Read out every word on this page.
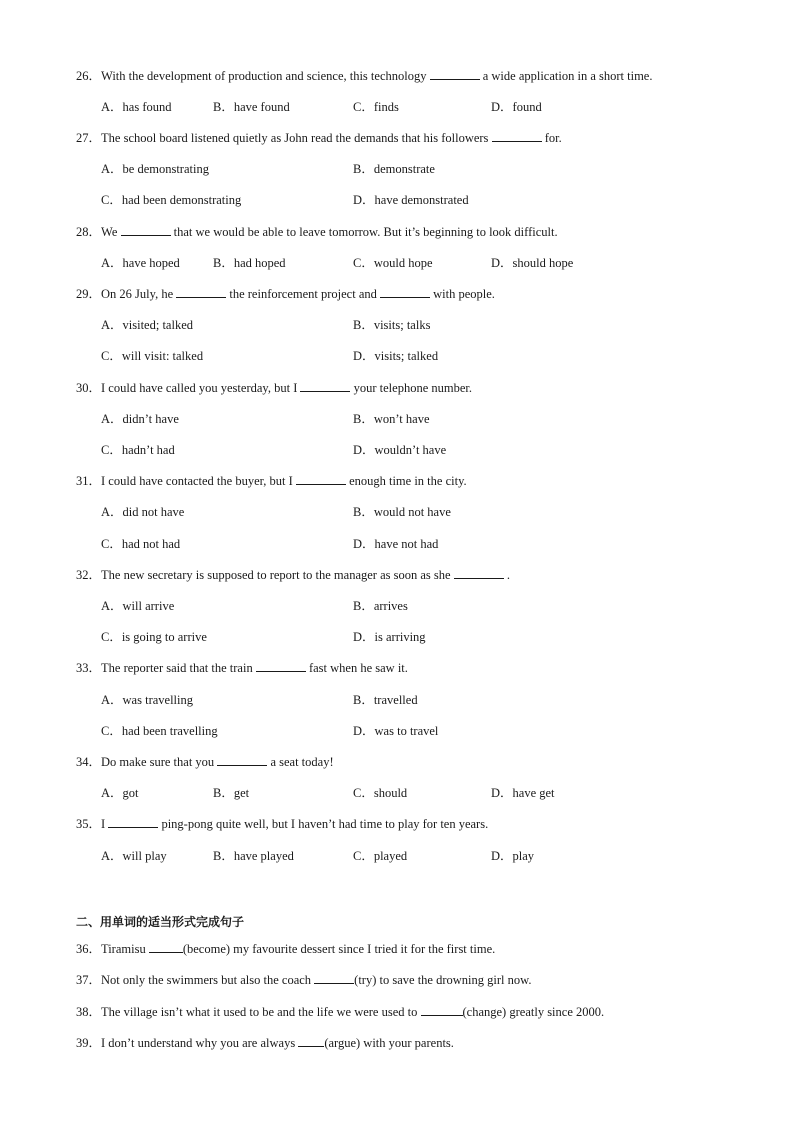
26．With the development of production and science, this technology	a wide application in a short time.
A．has found	B．have found	C．finds	D．found
27．The school board listened quietly as John read the demands that his followers	for.
A．be demonstrating	B．demonstrate
C．had been demonstrating	D．have demonstrated
28．We	that we would be able to leave tomorrow. But it’s beginning to look difficult.
A．have hoped	B．had hoped	C．would hope	D．should hope
29．On 26 July, he	the reinforcement project and	with people.
A．visited; talked	B．visits; talks
C．will visit: talked	D．visits; talked
30．I could have called you yesterday, but I	your telephone number.
A．didn’t have	B．won’t have
C．hadn’t had	D．wouldn’t have
31．I could have contacted the buyer, but I	enough time in the city.
A．did not have	B．would not have
C．had not had	D．have not had
32．The new secretary is supposed to report to the manager as soon as she	.
A．will arrive	B．arrives
C．is going to arrive	D．is arriving
33．The reporter said that the train	fast when he saw it.
A．was travelling	B．travelled
C．had been travelling	D．was to travel
34．Do make sure that you	a seat today!
A．got	B．get	C．should	D．have get
35．I	ping-pong quite well, but I haven’t had time to play for ten years.
A．will play	B．have played	C．played	D．play
二、用单词的适当形式完成句子
36．Tiramisu	(become) my favourite dessert since I tried it for the first time.
37．Not only the swimmers but also the coach	(try) to save the drowning girl now.
38．The village isn’t what it used to be and the life we were used to	(change) greatly since 2000.
39．I don’t understand why you are always (argue) with your parents.
